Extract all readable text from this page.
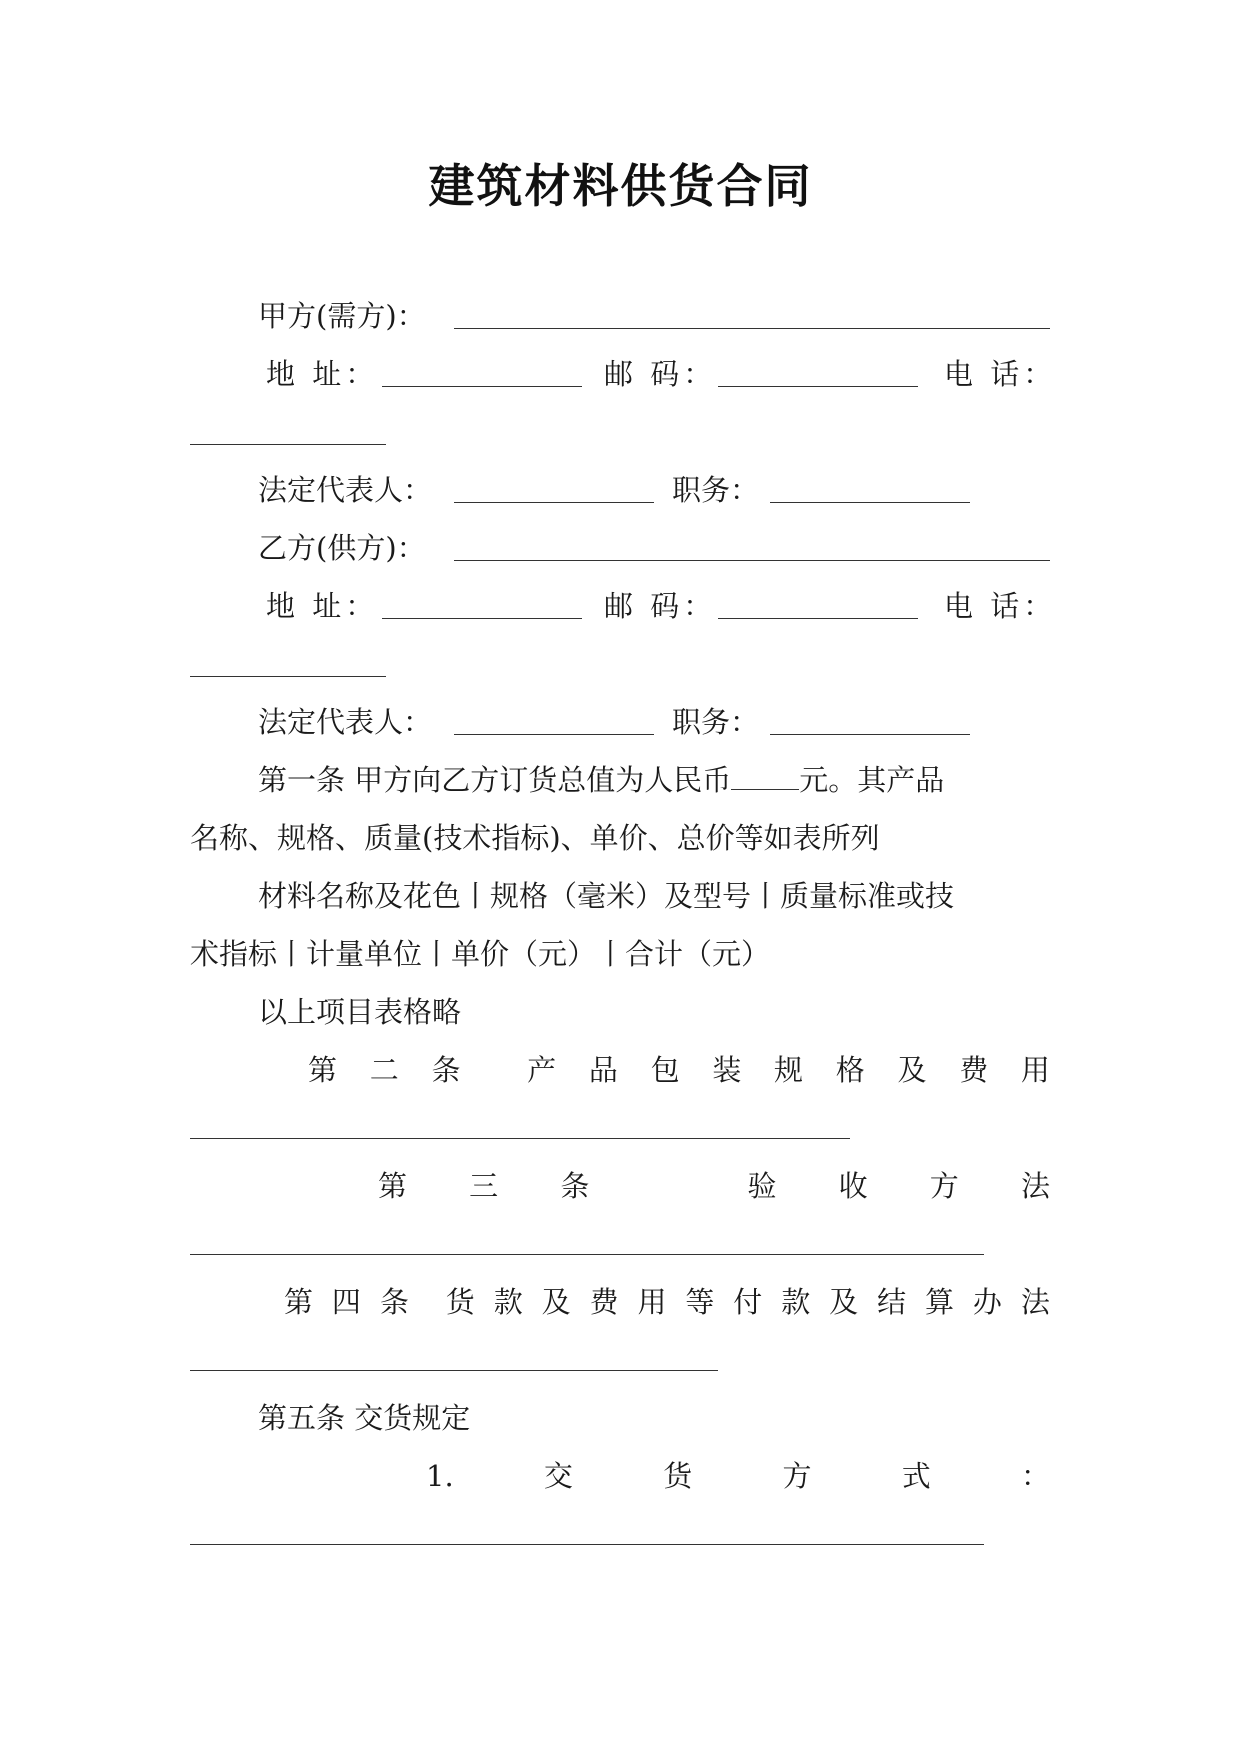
建筑材料供货合同
甲方(需方)：
地 址：	邮 码：	电 话：
法定代表人：	职务：
乙方(供方)：
地 址：	邮 码：	电 话：
法定代表人：	职务：
第一条 甲方向乙方订货总值为人民币 元。其产品
名称、规格、质量(技术指标)、单价、总价等如表所列
材料名称及花色丨规格（毫米）及型号丨质量标准或技
术指标丨计量单位丨单价（元）丨合计（元）
以上项目表格略
第 二 条 产 品 包 装 规 格 及 费 用
第 三 条	验 收 方 法
第 四 条 货 款 及 费 用 等 付 款 及 结 算 办 法
第五条 交货规定
1.	交	货	方	式	：
